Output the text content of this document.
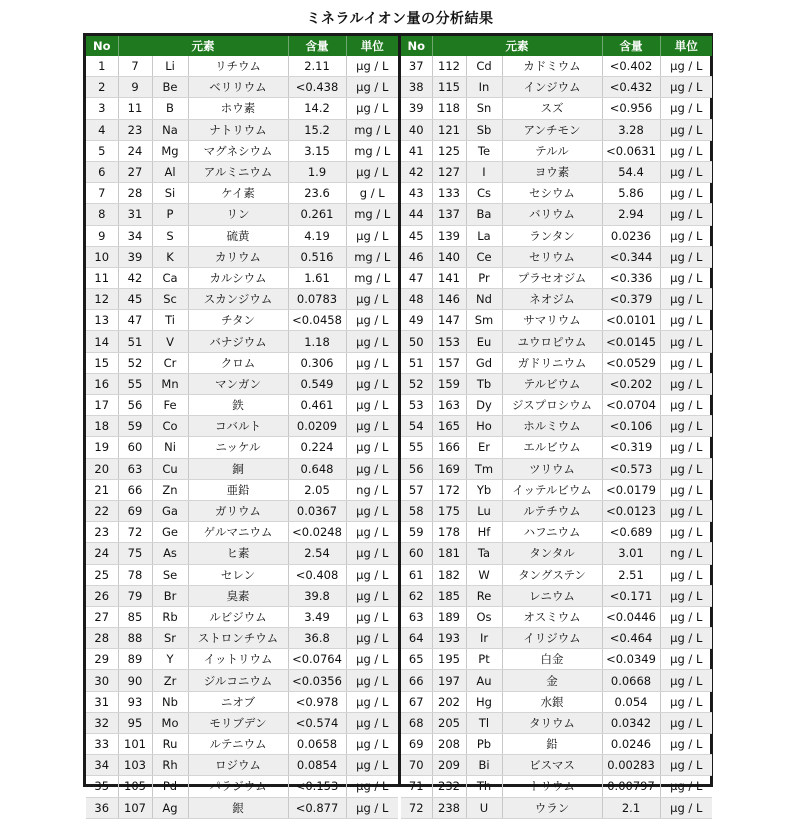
ミネラルイオン量の分析結果
No	元素			含量	単位
1	7	Li	リチウム	2.11	μg / L
2	9	Be	ベリリウム	<0.438	μg / L
3	11	B	ホウ素	14.2	μg / L
4	23	Na	ナトリウム	15.2	mg / L
5	24	Mg	マグネシウム	3.15	mg / L
6	27	Al	アルミニウム	1.9	μg / L
7	28	Si	ケイ素	23.6	g / L
8	31	P	リン	0.261	mg / L
9	34	S	硫黄	4.19	μg / L
10	39	K	カリウム	0.516	mg / L
11	42	Ca	カルシウム	1.61	mg / L
12	45	Sc	スカンジウム	0.0783	μg / L
13	47	Ti	チタン	<0.0458	μg / L
14	51	V	バナジウム	1.18	μg / L
15	52	Cr	クロム	0.306	μg / L
16	55	Mn	マンガン	0.549	μg / L
17	56	Fe	鉄	0.461	μg / L
18	59	Co	コバルト	0.0209	μg / L
19	60	Ni	ニッケル	0.224	μg / L
20	63	Cu	銅	0.648	μg / L
21	66	Zn	亜鉛	2.05	ng / L
22	69	Ga	ガリウム	0.0367	μg / L
23	72	Ge	ゲルマニウム	<0.0248	μg / L
24	75	As	ヒ素	2.54	μg / L
25	78	Se	セレン	<0.408	μg / L
26	79	Br	臭素	39.8	μg / L
27	85	Rb	ルビジウム	3.49	μg / L
28	88	Sr	ストロンチウム	36.8	μg / L
29	89	Y	イットリウム	<0.0764	μg / L
30	90	Zr	ジルコニウム	<0.0356	μg / L
31	93	Nb	ニオブ	<0.978	μg / L
32	95	Mo	モリブデン	<0.574	μg / L
33	101	Ru	ルテニウム	0.0658	μg / L
34	103	Rh	ロジウム	0.0854	μg / L
35	105	Pd	パラジウム	<0.153	μg / L
36	107	Ag	銀	<0.877	μg / L
No	元素			含量	単位
37	112	Cd	カドミウム	<0.402	μg / L
38	115	In	インジウム	<0.432	μg / L
39	118	Sn	スズ	<0.956	μg / L
40	121	Sb	アンチモン	3.28	μg / L
41	125	Te	テルル	<0.0631	μg / L
42	127	I	ヨウ素	54.4	μg / L
43	133	Cs	セシウム	5.86	μg / L
44	137	Ba	バリウム	2.94	μg / L
45	139	La	ランタン	0.0236	μg / L
46	140	Ce	セリウム	<0.344	μg / L
47	141	Pr	プラセオジム	<0.336	μg / L
48	146	Nd	ネオジム	<0.379	μg / L
49	147	Sm	サマリウム	<0.0101	μg / L
50	153	Eu	ユウロピウム	<0.0145	μg / L
51	157	Gd	ガドリニウム	<0.0529	μg / L
52	159	Tb	テルビウム	<0.202	μg / L
53	163	Dy	ジスプロシウム	<0.0704	μg / L
54	165	Ho	ホルミウム	<0.106	μg / L
55	166	Er	エルビウム	<0.319	μg / L
56	169	Tm	ツリウム	<0.573	μg / L
57	172	Yb	イッテルビウム	<0.0179	μg / L
58	175	Lu	ルテチウム	<0.0123	μg / L
59	178	Hf	ハフニウム	<0.689	μg / L
60	181	Ta	タンタル	3.01	ng / L
61	182	W	タングステン	2.51	μg / L
62	185	Re	レニウム	<0.171	μg / L
63	189	Os	オスミウム	<0.0446	μg / L
64	193	Ir	イリジウム	<0.464	μg / L
65	195	Pt	白金	<0.0349	μg / L
66	197	Au	金	0.0668	μg / L
67	202	Hg	水銀	0.054	μg / L
68	205	Tl	タリウム	0.0342	μg / L
69	208	Pb	鉛	0.0246	μg / L
70	209	Bi	ビスマス	0.00283	μg / L
71	232	Th	トリウム	0.00797	μg / L
72	238	U	ウラン	2.1	μg / L
